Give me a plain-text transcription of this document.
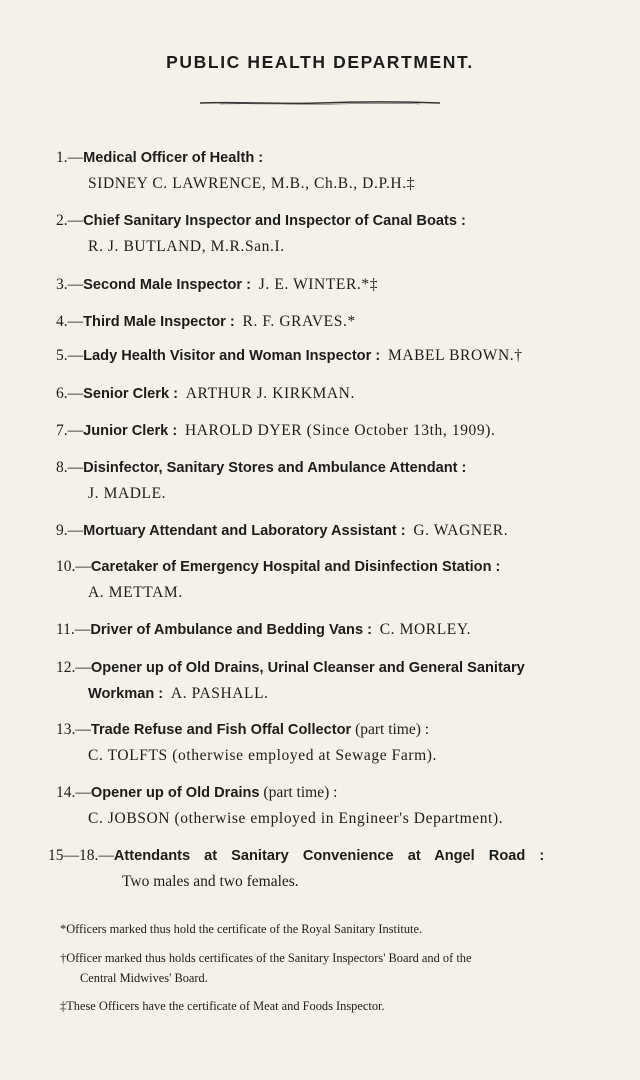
PUBLIC HEALTH DEPARTMENT.
1.—Medical Officer of Health :
SIDNEY C. LAWRENCE, M.B., Ch.B., D.P.H.‡
2.—Chief Sanitary Inspector and Inspector of Canal Boats :
R. J. BUTLAND, M.R.San.I.
3.—Second Male Inspector : J. E. WINTER.*‡
4.—Third Male Inspector : R. F. GRAVES.*
5.—Lady Health Visitor and Woman Inspector : MABEL BROWN.†
6.—Senior Clerk : ARTHUR J. KIRKMAN.
7.—Junior Clerk : HAROLD DYER (Since October 13th, 1909).
8.—Disinfector, Sanitary Stores and Ambulance Attendant :
J. MADLE.
9.—Mortuary Attendant and Laboratory Assistant : G. WAGNER.
10.—Caretaker of Emergency Hospital and Disinfection Station :
A. METTAM.
11.—Driver of Ambulance and Bedding Vans : C. MORLEY.
12.—Opener up of Old Drains, Urinal Cleanser and General Sanitary
Workman : A. PASHALL.
13.—Trade Refuse and Fish Offal Collector (part time) :
C. TOLFTS (otherwise employed at Sewage Farm).
14.—Opener up of Old Drains (part time) :
C. JOBSON (otherwise employed in Engineer's Department).
15—18.—Attendants at Sanitary Convenience at Angel Road :
Two males and two females.
*Officers marked thus hold the certificate of the Royal Sanitary Institute.
†Officer marked thus holds certificates of the Sanitary Inspectors' Board and of the
Central Midwives' Board.
‡These Officers have the certificate of Meat and Foods Inspector.
